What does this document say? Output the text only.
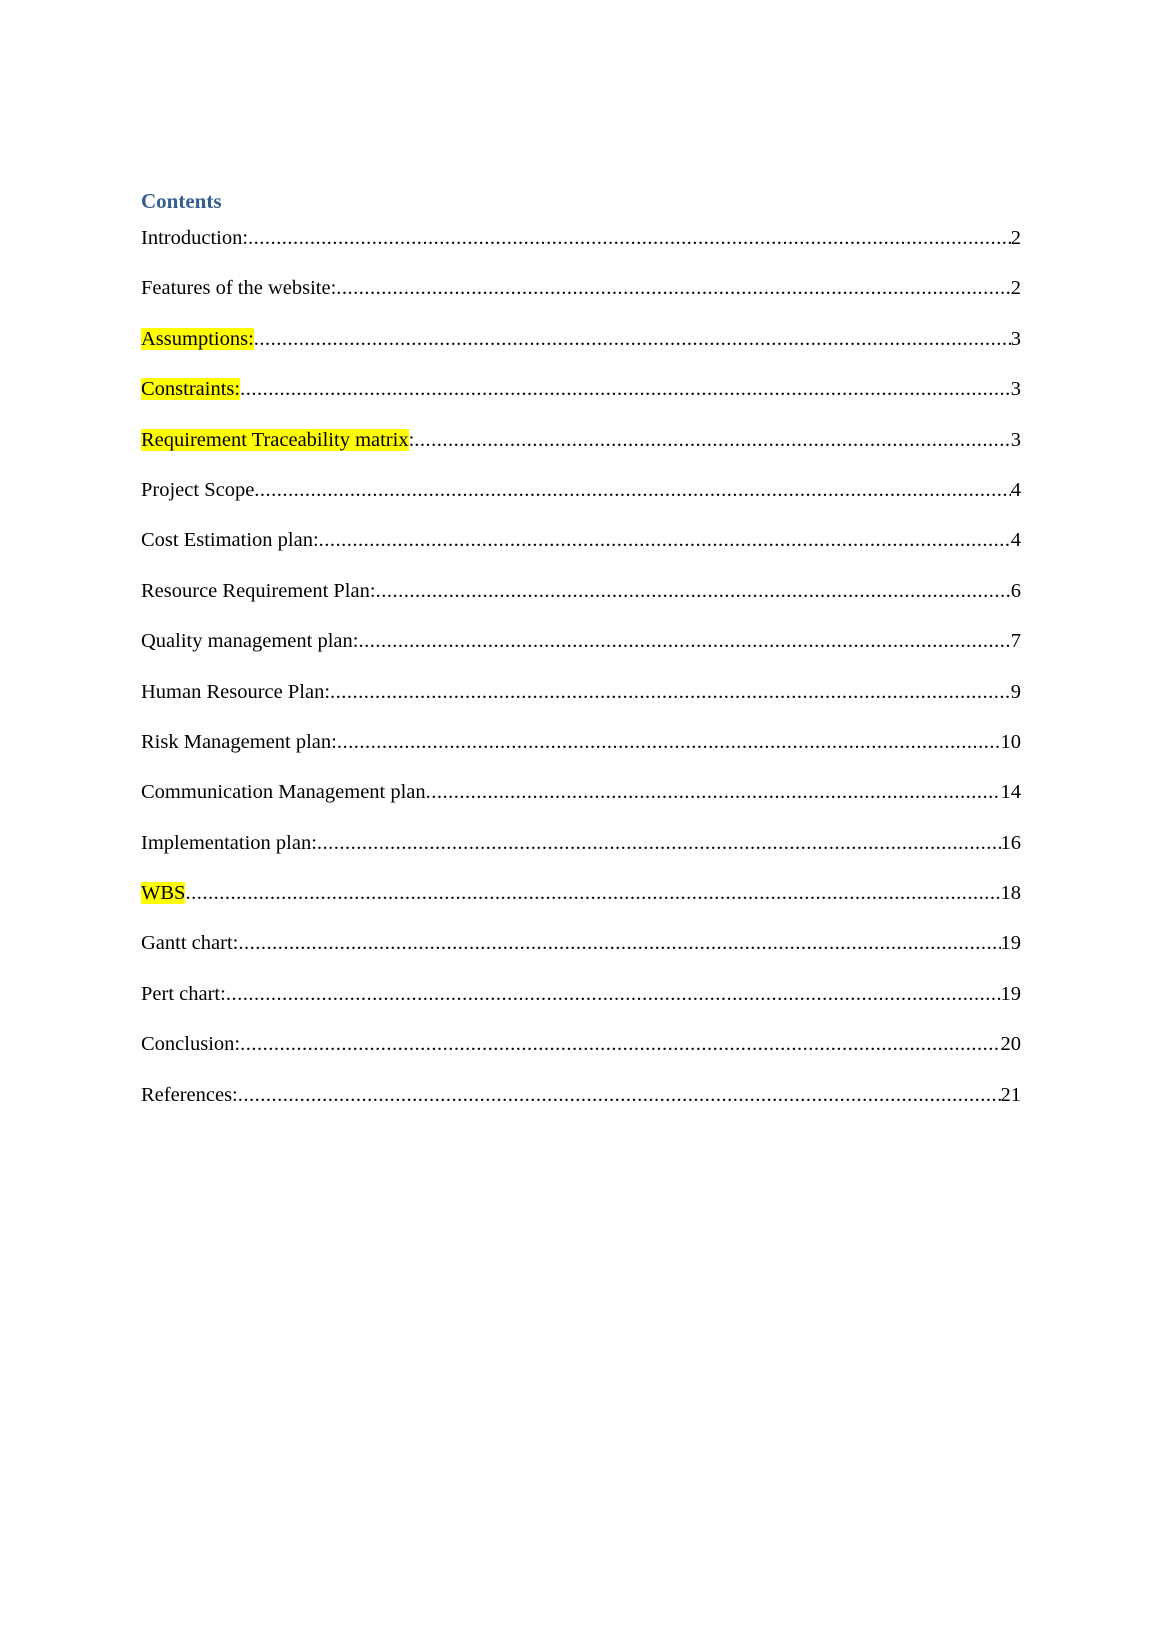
Contents
Introduction: .....	2
Features of the website: .....	2
Assumptions: .....	3
Constraints: .....	3
Requirement Traceability matrix: .....	3
Project Scope .....	4
Cost Estimation plan: .....	4
Resource Requirement Plan: .....	6
Quality management plan: .....	7
Human Resource Plan: .....	9
Risk Management plan: .....	10
Communication Management plan .....	14
Implementation plan: .....	16
WBS .....	18
Gantt chart: .....	19
Pert chart: .....	19
Conclusion: .....	20
References: .....	21
